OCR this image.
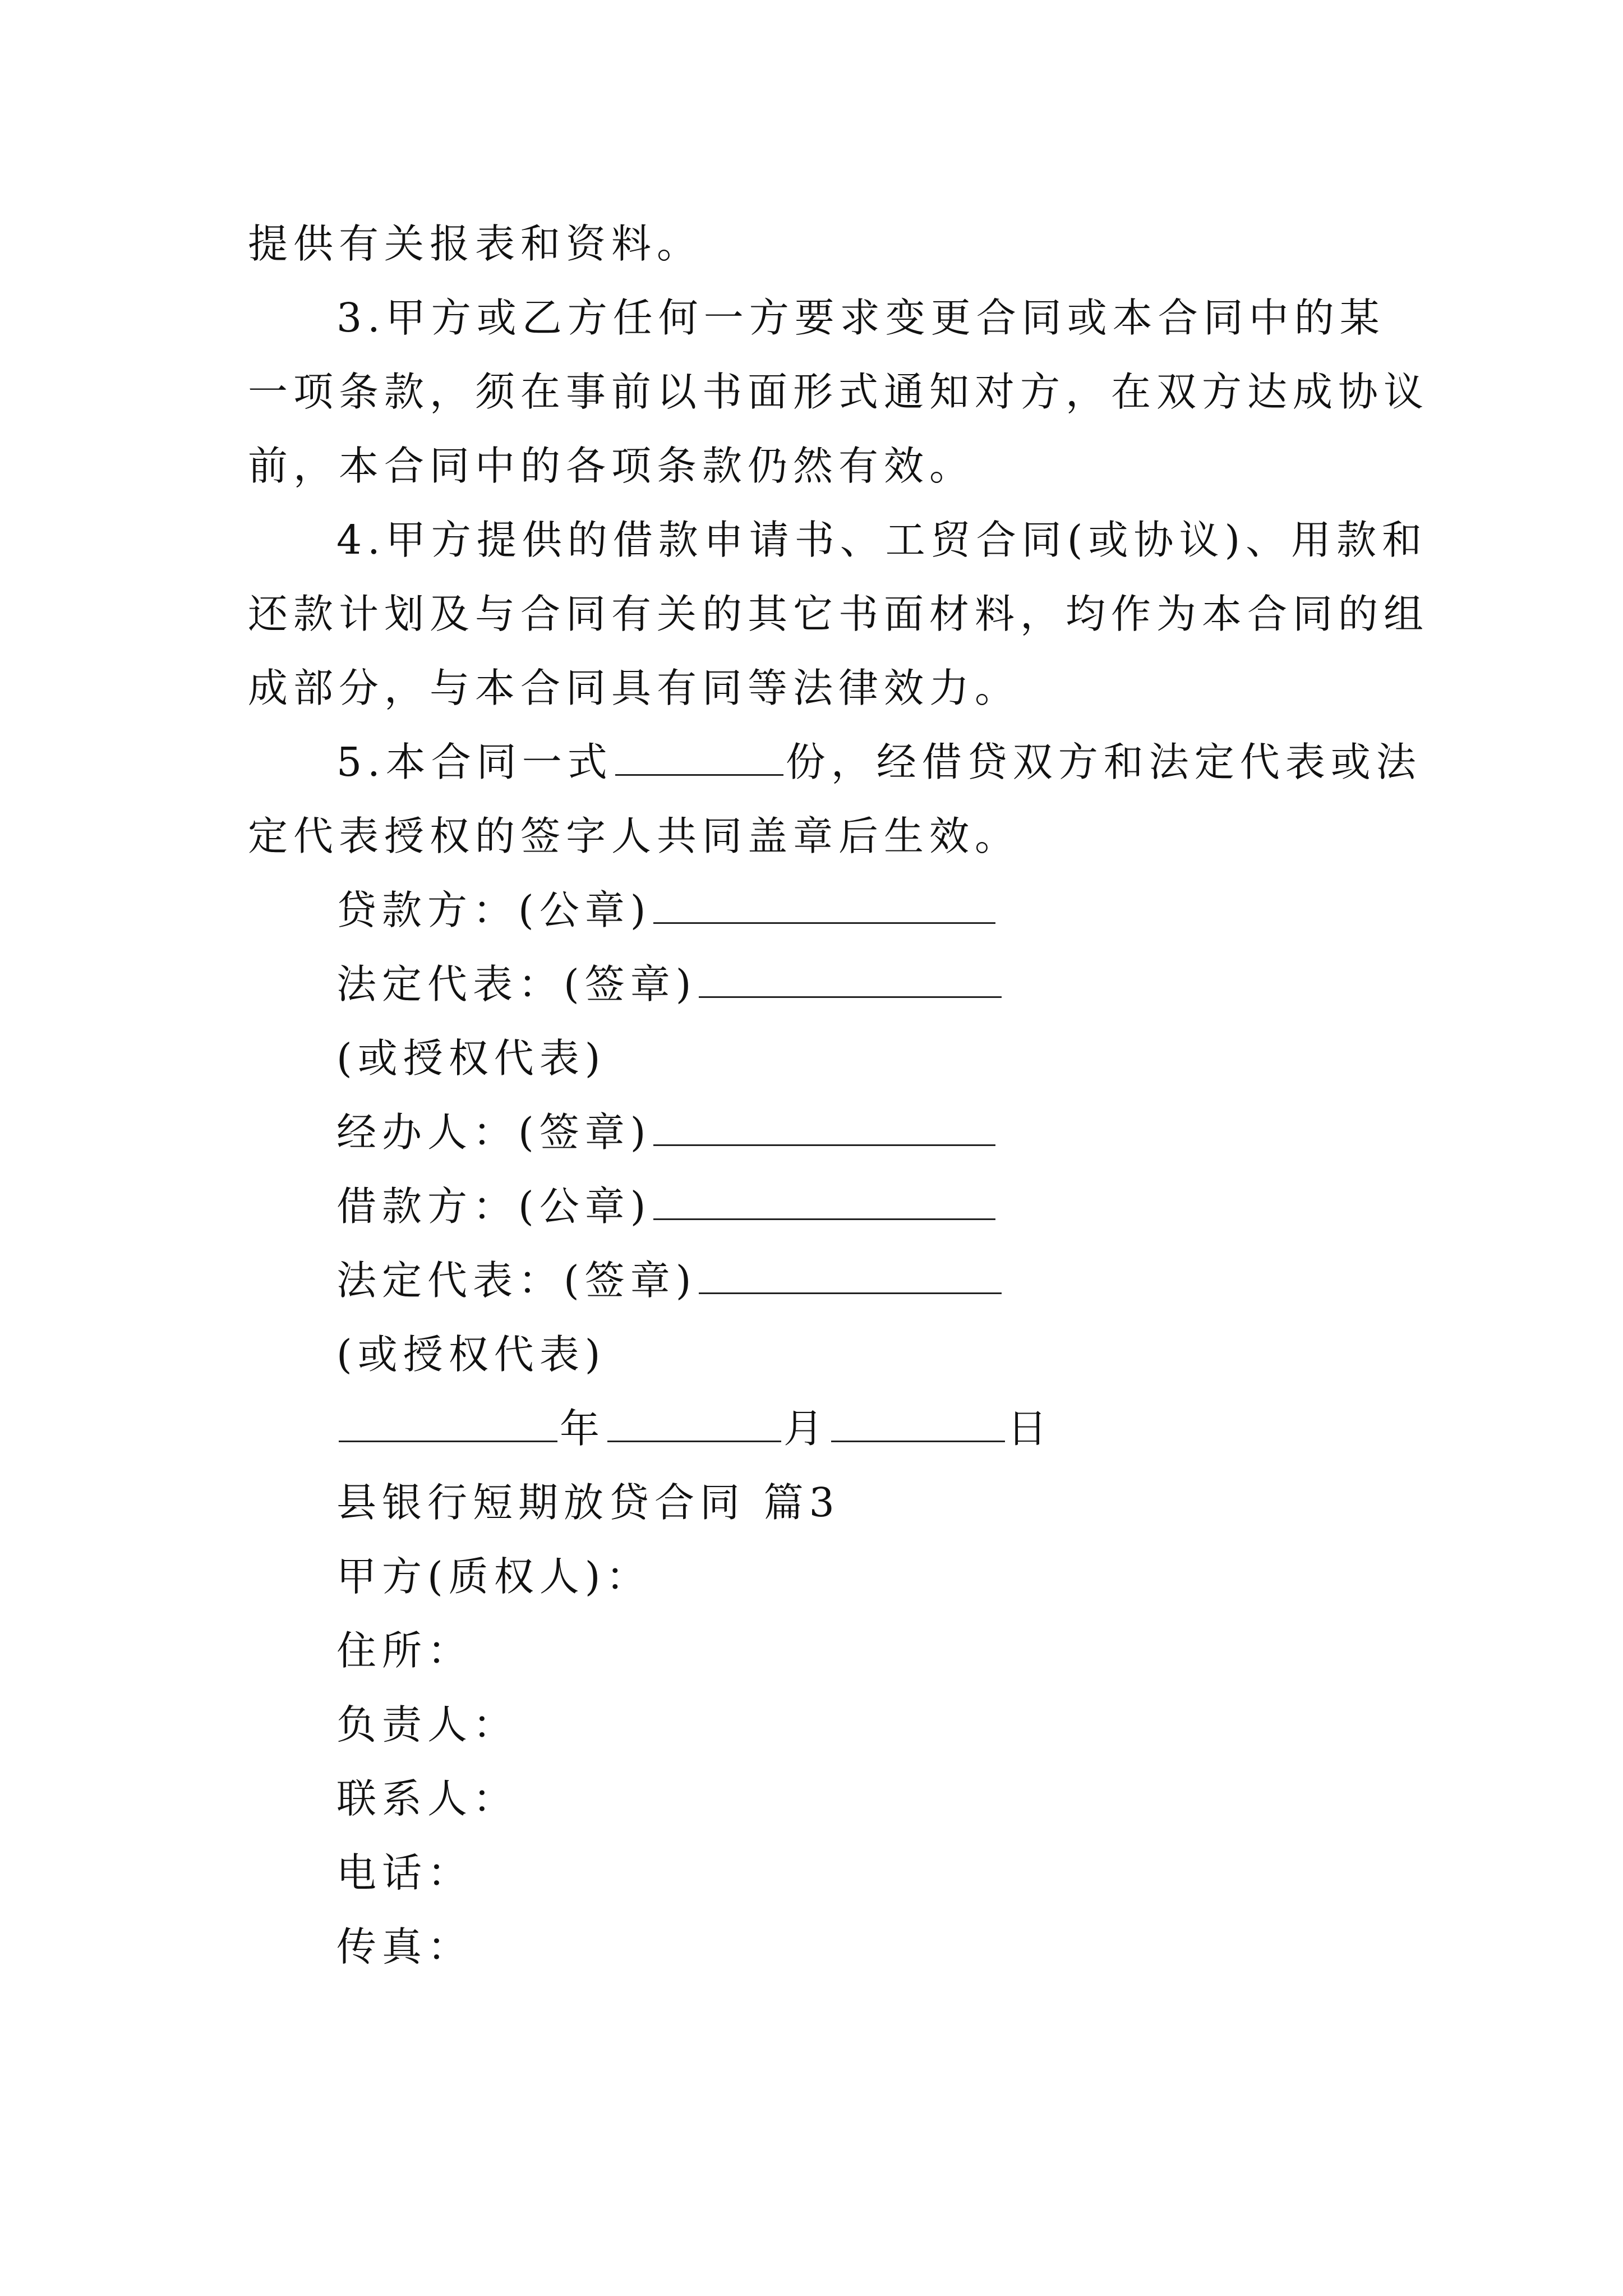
提供有关报表和资料。
3.甲方或乙方任何一方要求变更合同或本合同中的某
一项条款，须在事前以书面形式通知对方，在双方达成协议
前，本合同中的各项条款仍然有效。
4.甲方提供的借款申请书、工贸合同(或协议)、用款和
还款计划及与合同有关的其它书面材料，均作为本合同的组
成部分，与本合同具有同等法律效力。
5.本合同一式	份，经借贷双方和法定代表或法
定代表授权的签字人共同盖章后生效。
贷款方：(公章)
法定代表：(签章)
(或授权代表)
经办人：(签章)
借款方：(公章)
法定代表：(签章)
(或授权代表)
年	月	日
县银行短期放贷合同 篇3
甲方(质权人)：
住所：
负责人：
联系人：
电话：
传真：
